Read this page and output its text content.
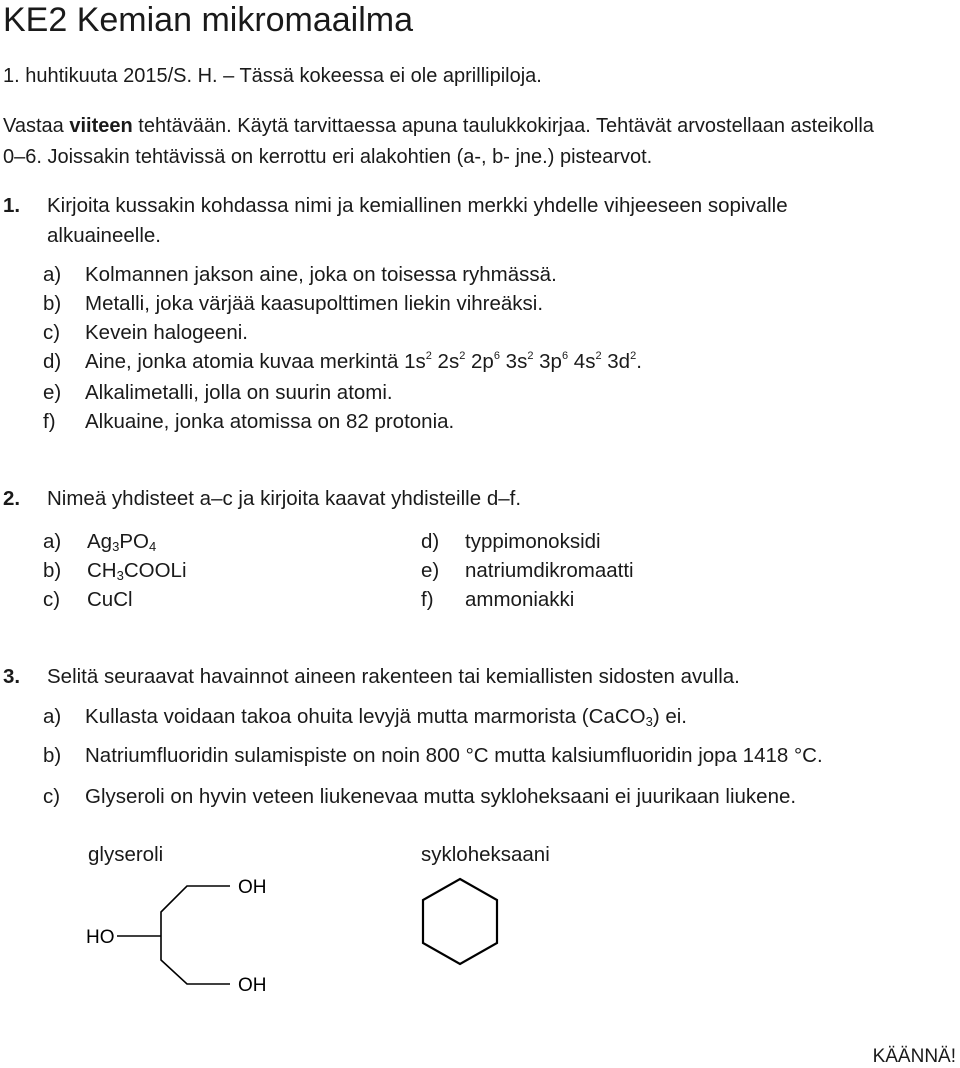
KE2 Kemian mikromaailma
1. huhtikuuta 2015/S. H. – Tässä kokeessa ei ole aprillipiloja.
Vastaa viiteen tehtävään. Käytä tarvittaessa apuna taulukkokirjaa. Tehtävät arvostellaan asteikolla
0–6. Joissakin tehtävissä on kerrottu eri alakohtien (a-, b- jne.) pistearvot.
1. Kirjoita kussakin kohdassa nimi ja kemiallinen merkki yhdelle vihjeeseen sopivalle
alkuaineelle.
a) Kolmannen jakson aine, joka on toisessa ryhmässä.
b) Metalli, joka värjää kaasupolttimen liekin vihreäksi.
c) Kevein halogeeni.
d) Aine, jonka atomia kuvaa merkintä $1s^2$ $2s^2$ $2p^6$ $3s^2$ $3p^6$ $4s^2$ $3d^2$.
e) Alkalimetalli, jolla on suurin atomi.
f) Alkuaine, jonka atomissa on 82 protonia.
2. Nimeä yhdisteet a–c ja kirjoita kaavat yhdisteille d–f.
a) $Ag_3PO_4$
b) $CH_3COOLi$
c) CuCl
d) typpimonoksidi
e) natriumdikromaatti
f) ammoniakki
3. Selitä seuraavat havainnot aineen rakenteen tai kemiallisten sidosten avulla.
a) Kullasta voidaan takoa ohuita levyjä mutta marmorista (CaCO$_3$) ei.
b) Natriumfluoridin sulamispiste on noin 800 °C mutta kalsiumfluoridin jopa 1418 °C.
c) Glyseroli on hyvin veteen liukenevaa mutta sykloheksaani ei juurikaan liukene.
glyseroli	sykloheksaani
OH
HO
OH
KÄÄNNÄ!
